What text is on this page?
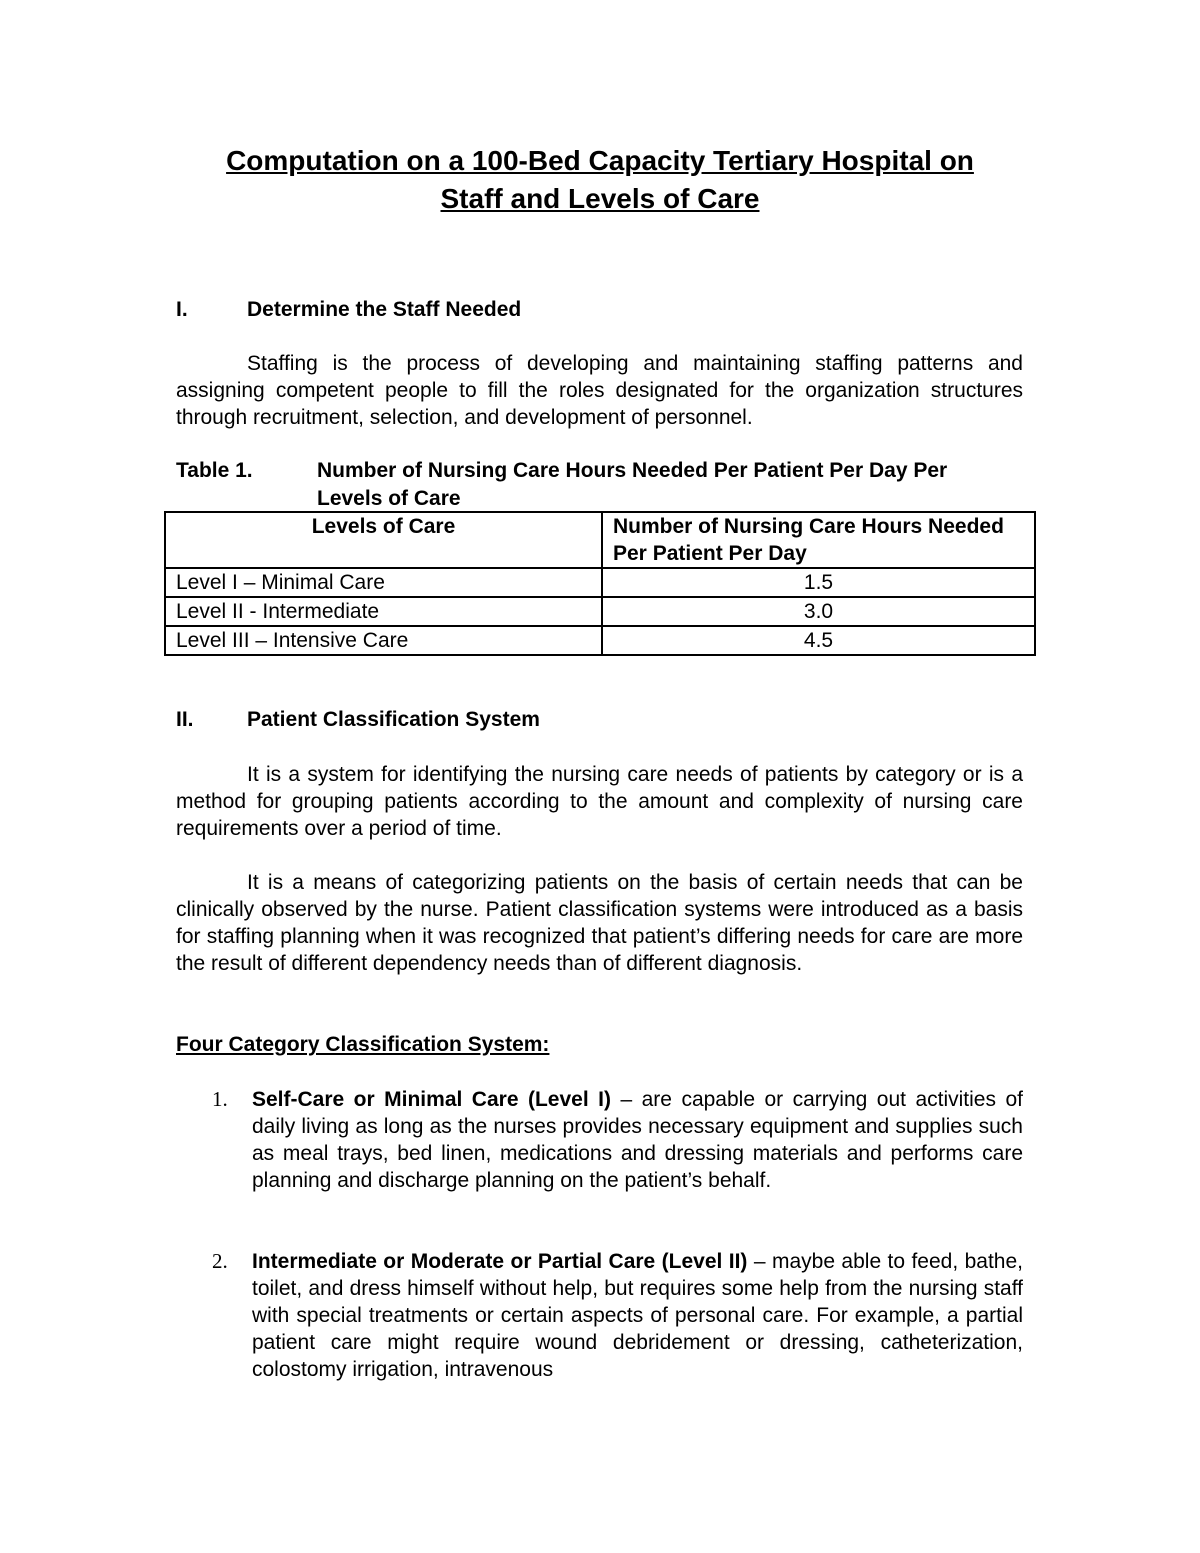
Computation on a 100-Bed Capacity Tertiary Hospital on
Staff and Levels of Care
I.	Determine the Staff Needed
Staffing is the process of developing and maintaining staffing patterns and assigning competent people to fill the roles designated for the organization structures through recruitment, selection, and development of personnel.
Table 1.	Number of Nursing Care Hours Needed Per Patient Per Day Per Levels of Care
Levels of Care	Number of Nursing Care Hours Needed Per Patient Per Day
Level I – Minimal Care	1.5
Level II - Intermediate	3.0
Level III – Intensive Care	4.5
II.	Patient Classification System
It is a system for identifying the nursing care needs of patients by category or is a method for grouping patients according to the amount and complexity of nursing care requirements over a period of time.
It is a means of categorizing patients on the basis of certain needs that can be clinically observed by the nurse. Patient classification systems were introduced as a basis for staffing planning when it was recognized that patient’s differing needs for care are more the result of different dependency needs than of different diagnosis.
Four Category Classification System:
1. Self-Care or Minimal Care (Level I) – are capable or carrying out activities of daily living as long as the nurses provides necessary equipment and supplies such as meal trays, bed linen, medications and dressing materials and performs care planning and discharge planning on the patient’s behalf.
2. Intermediate or Moderate or Partial Care (Level II) – maybe able to feed, bathe, toilet, and dress himself without help, but requires some help from the nursing staff with special treatments or certain aspects of personal care. For example, a partial patient care might require wound debridement or dressing, catheterization, colostomy irrigation, intravenous
